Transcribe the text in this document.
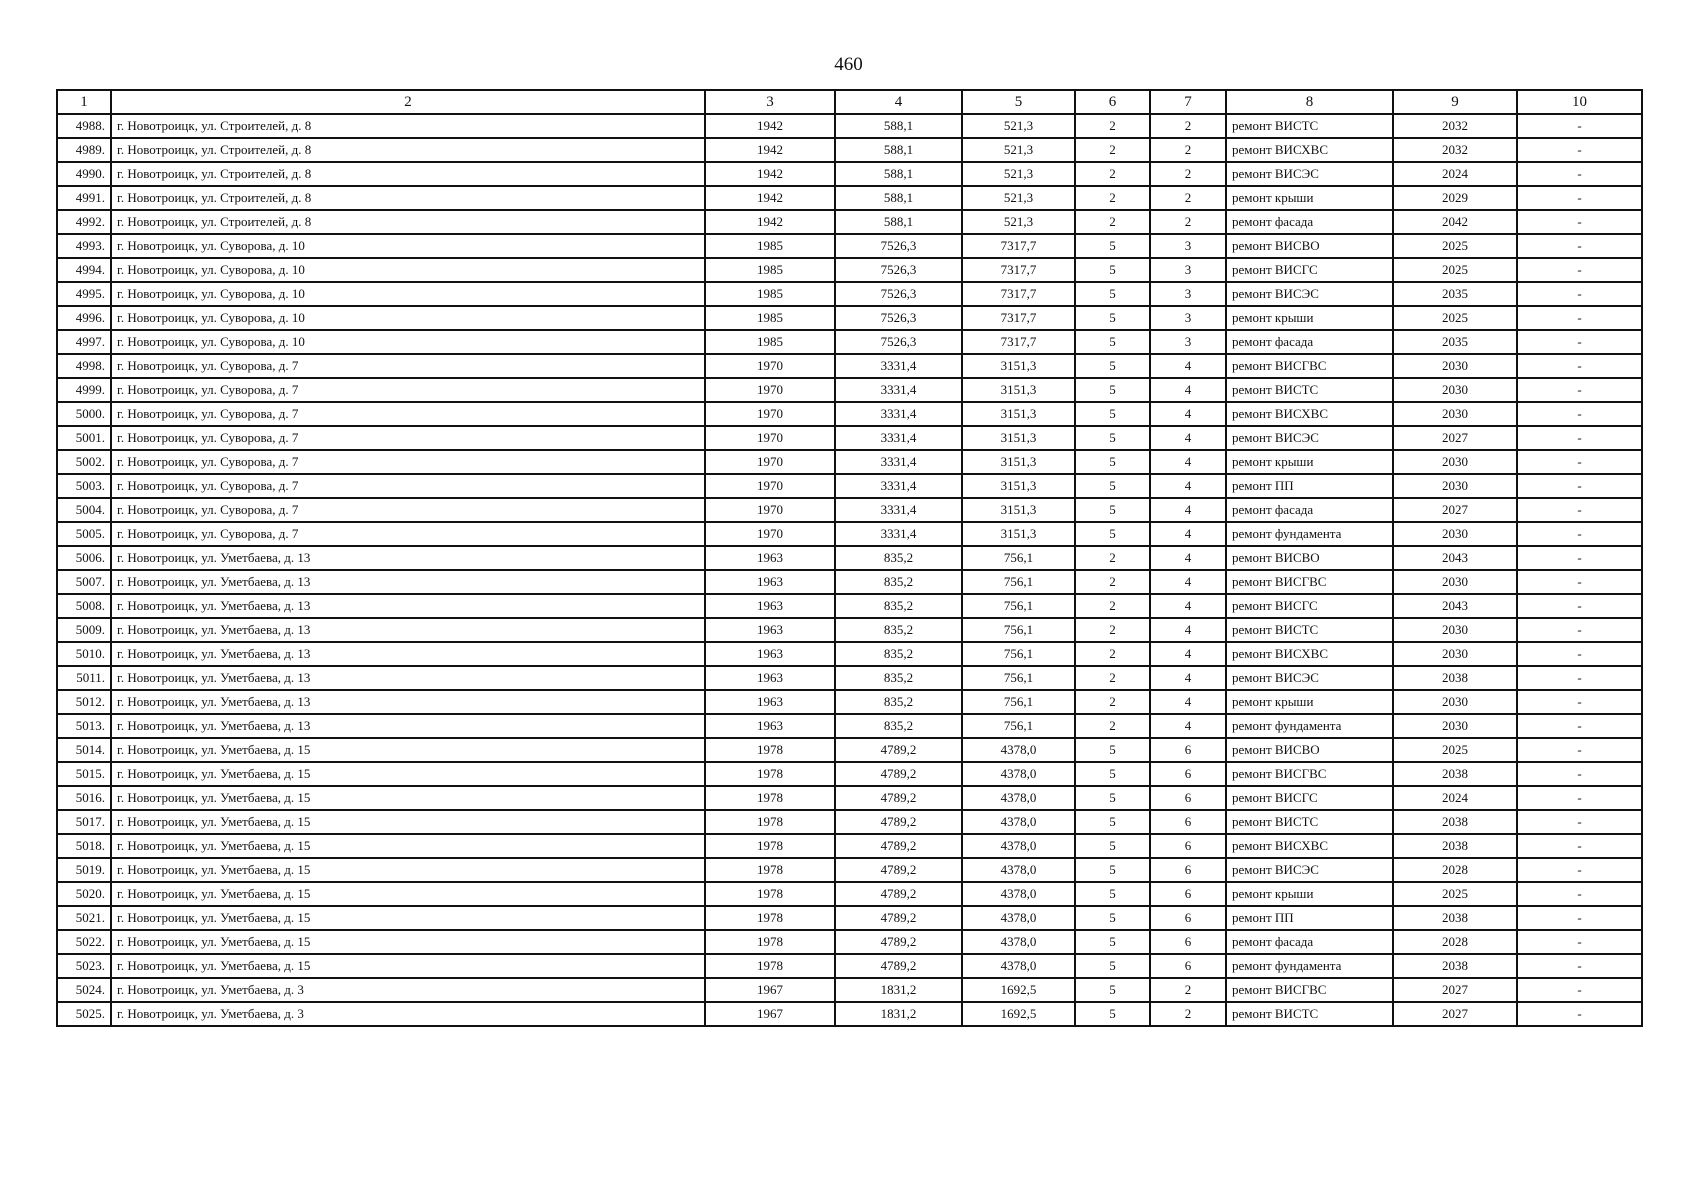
460
1	2	3	4	5	6	7	8	9	10
4988.	г. Новотроицк, ул. Строителей, д. 8	1942	588,1	521,3	2	2	ремонт ВИСТС	2032	-
4989.	г. Новотроицк, ул. Строителей, д. 8	1942	588,1	521,3	2	2	ремонт ВИСХВС	2032	-
4990.	г. Новотроицк, ул. Строителей, д. 8	1942	588,1	521,3	2	2	ремонт ВИСЭС	2024	-
4991.	г. Новотроицк, ул. Строителей, д. 8	1942	588,1	521,3	2	2	ремонт крыши	2029	-
4992.	г. Новотроицк, ул. Строителей, д. 8	1942	588,1	521,3	2	2	ремонт фасада	2042	-
4993.	г. Новотроицк, ул. Суворова, д. 10	1985	7526,3	7317,7	5	3	ремонт ВИСВО	2025	-
4994.	г. Новотроицк, ул. Суворова, д. 10	1985	7526,3	7317,7	5	3	ремонт ВИСГС	2025	-
4995.	г. Новотроицк, ул. Суворова, д. 10	1985	7526,3	7317,7	5	3	ремонт ВИСЭС	2035	-
4996.	г. Новотроицк, ул. Суворова, д. 10	1985	7526,3	7317,7	5	3	ремонт крыши	2025	-
4997.	г. Новотроицк, ул. Суворова, д. 10	1985	7526,3	7317,7	5	3	ремонт фасада	2035	-
4998.	г. Новотроицк, ул. Суворова, д. 7	1970	3331,4	3151,3	5	4	ремонт ВИСГВС	2030	-
4999.	г. Новотроицк, ул. Суворова, д. 7	1970	3331,4	3151,3	5	4	ремонт ВИСТС	2030	-
5000.	г. Новотроицк, ул. Суворова, д. 7	1970	3331,4	3151,3	5	4	ремонт ВИСХВС	2030	-
5001.	г. Новотроицк, ул. Суворова, д. 7	1970	3331,4	3151,3	5	4	ремонт ВИСЭС	2027	-
5002.	г. Новотроицк, ул. Суворова, д. 7	1970	3331,4	3151,3	5	4	ремонт крыши	2030	-
5003.	г. Новотроицк, ул. Суворова, д. 7	1970	3331,4	3151,3	5	4	ремонт ПП	2030	-
5004.	г. Новотроицк, ул. Суворова, д. 7	1970	3331,4	3151,3	5	4	ремонт фасада	2027	-
5005.	г. Новотроицк, ул. Суворова, д. 7	1970	3331,4	3151,3	5	4	ремонт фундамента	2030	-
5006.	г. Новотроицк, ул. Уметбаева, д. 13	1963	835,2	756,1	2	4	ремонт ВИСВО	2043	-
5007.	г. Новотроицк, ул. Уметбаева, д. 13	1963	835,2	756,1	2	4	ремонт ВИСГВС	2030	-
5008.	г. Новотроицк, ул. Уметбаева, д. 13	1963	835,2	756,1	2	4	ремонт ВИСГС	2043	-
5009.	г. Новотроицк, ул. Уметбаева, д. 13	1963	835,2	756,1	2	4	ремонт ВИСТС	2030	-
5010.	г. Новотроицк, ул. Уметбаева, д. 13	1963	835,2	756,1	2	4	ремонт ВИСХВС	2030	-
5011.	г. Новотроицк, ул. Уметбаева, д. 13	1963	835,2	756,1	2	4	ремонт ВИСЭС	2038	-
5012.	г. Новотроицк, ул. Уметбаева, д. 13	1963	835,2	756,1	2	4	ремонт крыши	2030	-
5013.	г. Новотроицк, ул. Уметбаева, д. 13	1963	835,2	756,1	2	4	ремонт фундамента	2030	-
5014.	г. Новотроицк, ул. Уметбаева, д. 15	1978	4789,2	4378,0	5	6	ремонт ВИСВО	2025	-
5015.	г. Новотроицк, ул. Уметбаева, д. 15	1978	4789,2	4378,0	5	6	ремонт ВИСГВС	2038	-
5016.	г. Новотроицк, ул. Уметбаева, д. 15	1978	4789,2	4378,0	5	6	ремонт ВИСГС	2024	-
5017.	г. Новотроицк, ул. Уметбаева, д. 15	1978	4789,2	4378,0	5	6	ремонт ВИСТС	2038	-
5018.	г. Новотроицк, ул. Уметбаева, д. 15	1978	4789,2	4378,0	5	6	ремонт ВИСХВС	2038	-
5019.	г. Новотроицк, ул. Уметбаева, д. 15	1978	4789,2	4378,0	5	6	ремонт ВИСЭС	2028	-
5020.	г. Новотроицк, ул. Уметбаева, д. 15	1978	4789,2	4378,0	5	6	ремонт крыши	2025	-
5021.	г. Новотроицк, ул. Уметбаева, д. 15	1978	4789,2	4378,0	5	6	ремонт ПП	2038	-
5022.	г. Новотроицк, ул. Уметбаева, д. 15	1978	4789,2	4378,0	5	6	ремонт фасада	2028	-
5023.	г. Новотроицк, ул. Уметбаева, д. 15	1978	4789,2	4378,0	5	6	ремонт фундамента	2038	-
5024.	г. Новотроицк, ул. Уметбаева, д. 3	1967	1831,2	1692,5	5	2	ремонт ВИСГВС	2027	-
5025.	г. Новотроицк, ул. Уметбаева, д. 3	1967	1831,2	1692,5	5	2	ремонт ВИСТС	2027	-
